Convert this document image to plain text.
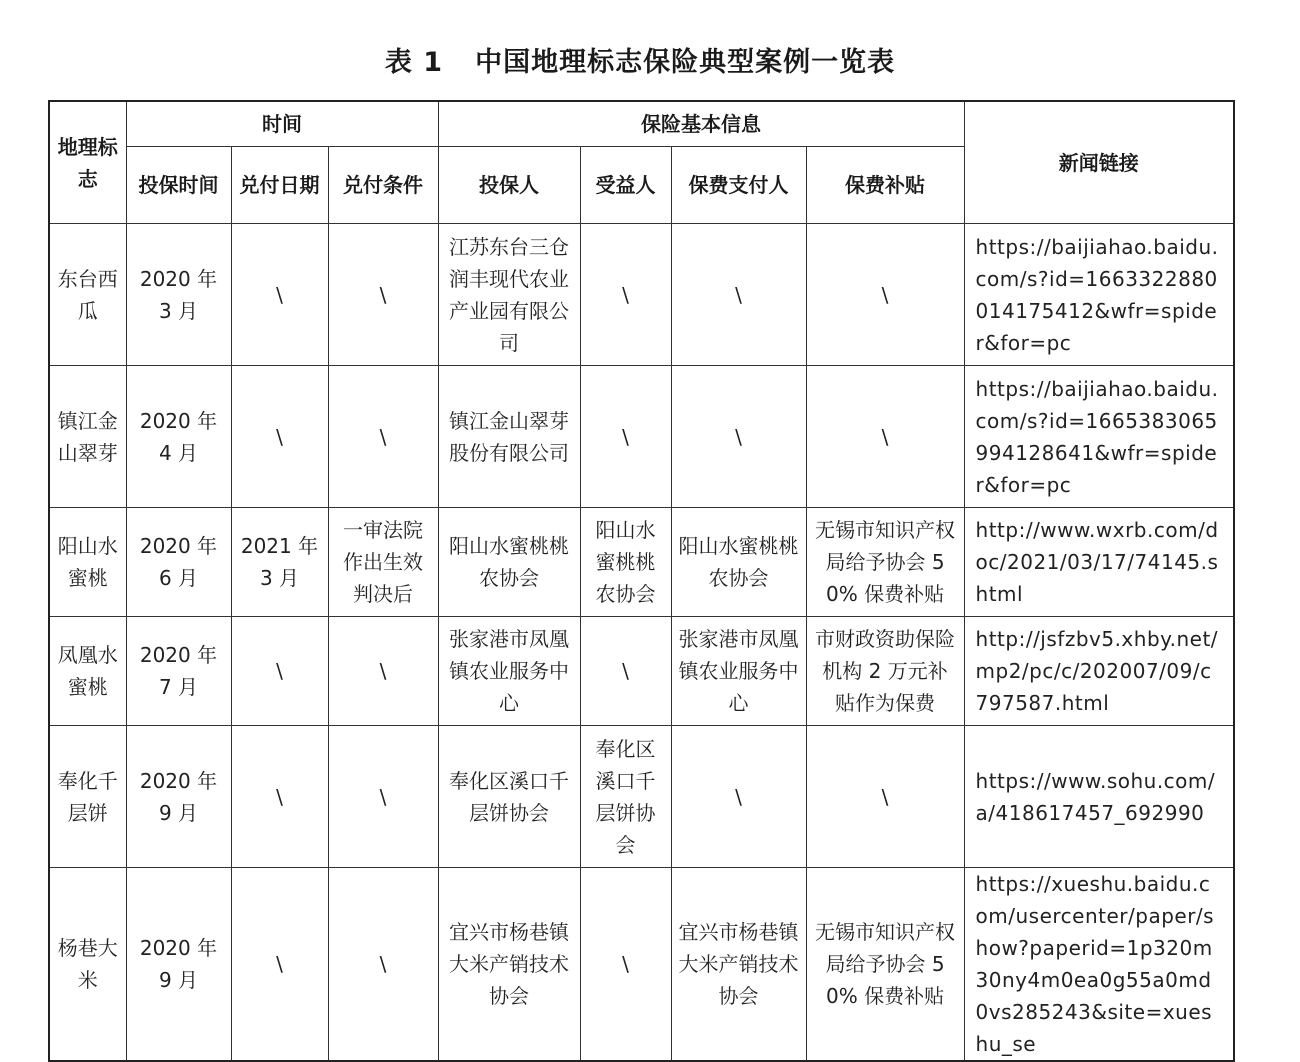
表 1 中国地理标志保险典型案例一览表
地理标志	时间			保险基本信息				新闻链接
	投保时间	兑付日期	兑付条件	投保人	受益人	保费支付人	保费补贴	
东台西瓜	2020 年 3 月	\	\	江苏东台三仓润丰现代农业产业园有限公司	\	\	\	https://baijiahao.baidu.com/s?id=1663322880014175412&wfr=spider&for=pc
镇江金山翠芽	2020 年 4 月	\	\	镇江金山翠芽股份有限公司	\	\	\	https://baijiahao.baidu.com/s?id=1665383065994128641&wfr=spider&for=pc
阳山水蜜桃	2020 年 6 月	2021 年 3 月	一审法院作出生效判决后	阳山水蜜桃桃农协会	阳山水蜜桃桃农协会	阳山水蜜桃桃农协会	无锡市知识产权局给予协会 50% 保费补贴	http://www.wxrb.com/doc/2021/03/17/74145.shtml
凤凰水蜜桃	2020 年 7 月	\	\	张家港市凤凰镇农业服务中心	\	张家港市凤凰镇农业服务中心	市财政资助保险机构 2 万元补贴作为保费	http://jsfzbv5.xhby.net/mp2/pc/c/202007/09/c797587.html
奉化千层饼	2020 年 9 月	\	\	奉化区溪口千层饼协会	奉化区溪口千层饼协会	\	\	https://www.sohu.com/a/418617457_692990
杨巷大米	2020 年 9 月	\	\	宜兴市杨巷镇大米产销技术协会	\	宜兴市杨巷镇大米产销技术协会	无锡市知识产权局给予协会 50% 保费补贴	https://xueshu.baidu.com/usercenter/paper/show?paperid=1p320m30ny4m0ea0g55a0md0vs285243&site=xueshu_se
